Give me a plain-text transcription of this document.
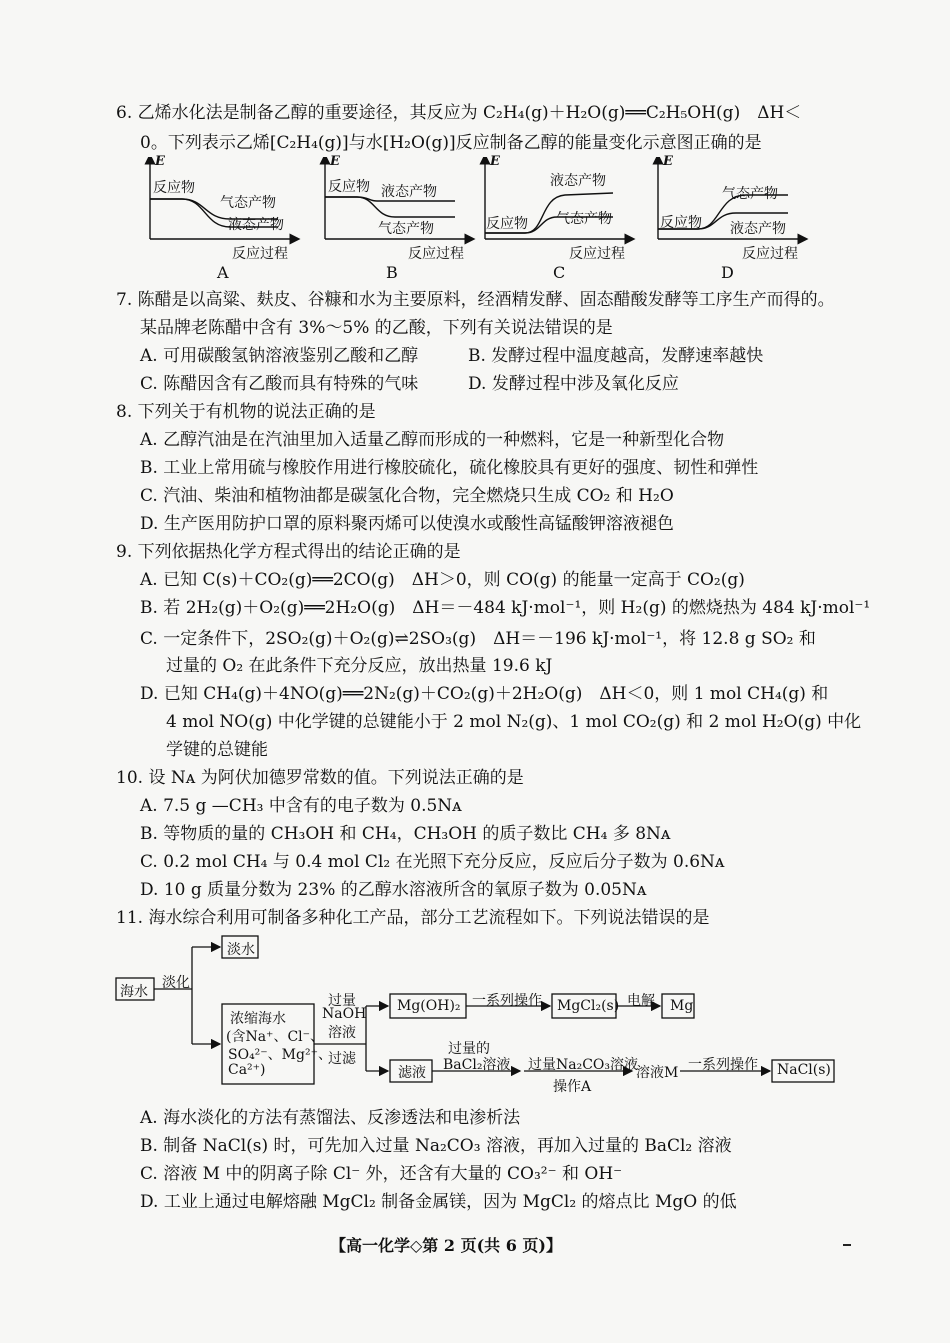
6. 乙烯水化法是制备乙醇的重要途径，其反应为 C₂H₄(g)＋H₂O(g)══C₂H₅OH(g)　ΔH＜
0。下列表示乙烯[C₂H₄(g)]与水[H₂O(g)]反应制备乙醇的能量变化示意图正确的是
E
反应物
气态产物
液态产物
反应过程
A
E
反应物 液态产物
气态产物
反应过程
B
E
液态产物
反应物 气态产物
反应过程
C
E
气态产物
反应物 液态产物
反应过程
D
7. 陈醋是以高粱、麸皮、谷糠和水为主要原料，经酒精发酵、固态醋酸发酵等工序生产而得的。
某品牌老陈醋中含有 3%～5% 的乙酸，下列有关说法错误的是
A. 可用碳酸氢钠溶液鉴别乙酸和乙醇	B. 发酵过程中温度越高，发酵速率越快
C. 陈醋因含有乙酸而具有特殊的气味	D. 发酵过程中涉及氧化反应
8. 下列关于有机物的说法正确的是
A. 乙醇汽油是在汽油里加入适量乙醇而形成的一种燃料，它是一种新型化合物
B. 工业上常用硫与橡胶作用进行橡胶硫化，硫化橡胶具有更好的强度、韧性和弹性
C. 汽油、柴油和植物油都是碳氢化合物，完全燃烧只生成 CO₂ 和 H₂O
D. 生产医用防护口罩的原料聚丙烯可以使溴水或酸性高锰酸钾溶液褪色
9. 下列依据热化学方程式得出的结论正确的是
A. 已知 C(s)＋CO₂(g)══2CO(g)　ΔH＞0，则 CO(g) 的能量一定高于 CO₂(g)
B. 若 2H₂(g)＋O₂(g)══2H₂O(g)　ΔH＝－484 kJ·mol⁻¹，则 H₂(g) 的燃烧热为 484 kJ·mol⁻¹
C. 一定条件下，2SO₂(g)＋O₂(g)⇌2SO₃(g)　ΔH＝－196 kJ·mol⁻¹，将 12.8 g SO₂ 和
过量的 O₂ 在此条件下充分反应，放出热量 19.6 kJ
D. 已知 CH₄(g)＋4NO(g)══2N₂(g)＋CO₂(g)＋2H₂O(g)　ΔH＜0，则 1 mol CH₄(g) 和
4 mol NO(g) 中化学键的总键能小于 2 mol N₂(g)、1 mol CO₂(g) 和 2 mol H₂O(g) 中化
学键的总键能
10. 设 Nᴀ 为阿伏加德罗常数的值。下列说法正确的是
A. 7.5 g —CH₃ 中含有的电子数为 0.5Nᴀ
B. 等物质的量的 CH₃OH 和 CH₄，CH₃OH 的质子数比 CH₄ 多 8Nᴀ
C. 0.2 mol CH₄ 与 0.4 mol Cl₂ 在光照下充分反应，反应后分子数为 0.6Nᴀ
D. 10 g 质量分数为 23% 的乙醇水溶液所含的氧原子数为 0.05Nᴀ
11. 海水综合利用可制备多种化工产品，部分工艺流程如下。下列说法错误的是
海水
淡化
淡水
浓缩海水
(含Na⁺、Cl⁻、
SO₄²⁻、Mg²⁺、
Ca²⁺)
过量
NaOH
溶液
过滤
Mg(OH)₂ 一系列操作 MgCl₂(s) 电解 Mg
滤液
过量的
BaCl₂溶液 过量Na₂CO₃溶液
操作A
溶液M 一系列操作 NaCl(s)
A. 海水淡化的方法有蒸馏法、反渗透法和电渗析法
B. 制备 NaCl(s) 时，可先加入过量 Na₂CO₃ 溶液，再加入过量的 BaCl₂ 溶液
C. 溶液 M 中的阴离子除 Cl⁻ 外，还含有大量的 CO₃²⁻ 和 OH⁻
D. 工业上通过电解熔融 MgCl₂ 制备金属镁，因为 MgCl₂ 的熔点比 MgO 的低
【高一化学◇第 2 页(共 6 页)】
